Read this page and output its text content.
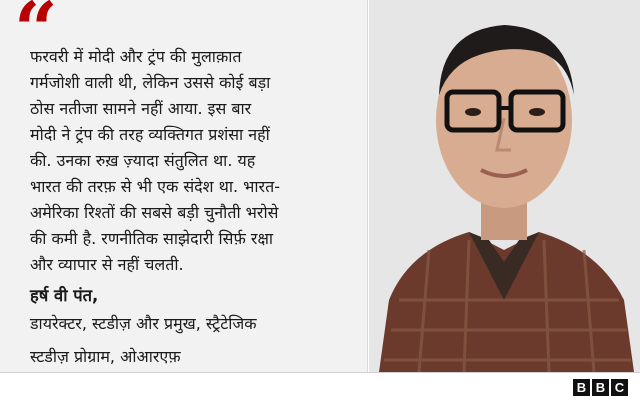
“
फरवरी में मोदी और ट्रंप की मुलाक़ात
गर्मजोशी वाली थी, लेकिन उससे कोई बड़ा
ठोस नतीजा सामने नहीं आया. इस बार
मोदी ने ट्रंप की तरह व्यक्तिगत प्रशंसा नहीं
की. उनका रुख़ ज़्यादा संतुलित था. यह
भारत की तरफ़ से भी एक संदेश था. भारत-
अमेरिका रिश्तों की सबसे बड़ी चुनौती भरोसे
की कमी है. रणनीतिक साझेदारी सिर्फ़ रक्षा
और व्यापार से नहीं चलती.
हर्ष वी पंत,
डायरेक्टर, स्टडीज़ और प्रमुख, स्ट्रैटेजिक
स्टडीज़ प्रोग्राम, ओआरएफ़
B B C
